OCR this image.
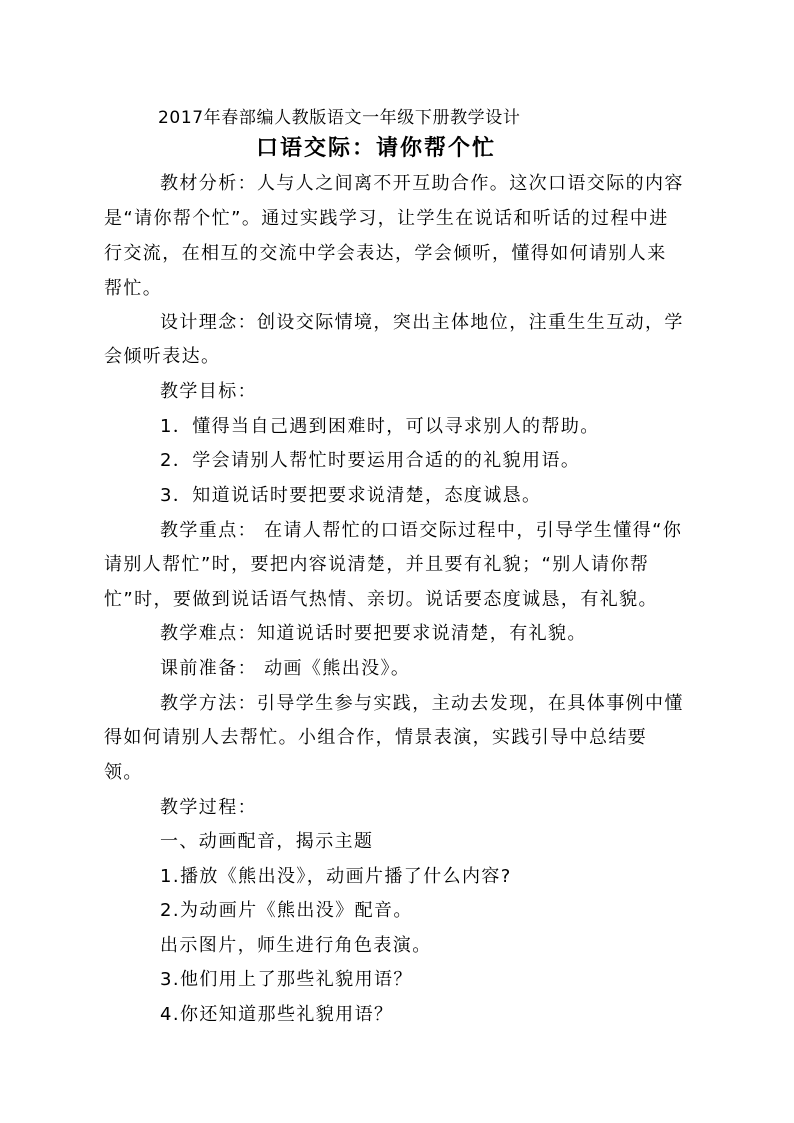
2017年春部编人教版语文一年级下册教学设计
口语交际：请你帮个忙
教材分析：人与人之间离不开互助合作。这次口语交际的内容
是“请你帮个忙”。通过实践学习，让学生在说话和听话的过程中进
行交流，在相互的交流中学会表达，学会倾听，懂得如何请别人来
帮忙。
设计理念：创设交际情境，突出主体地位，注重生生互动，学
会倾听表达。
教学目标：
1．懂得当自己遇到困难时，可以寻求别人的帮助。
2．学会请别人帮忙时要运用合适的的礼貌用语。
3．知道说话时要把要求说清楚，态度诚恳。
教学重点： 在请人帮忙的口语交际过程中，引导学生懂得“你
请别人帮忙”时，要把内容说清楚，并且要有礼貌；“别人请你帮
忙”时，要做到说话语气热情、亲切。说话要态度诚恳，有礼貌。
教学难点：知道说话时要把要求说清楚，有礼貌。
课前准备： 动画《熊出没》。
教学方法：引导学生参与实践，主动去发现，在具体事例中懂
得如何请别人去帮忙。小组合作，情景表演，实践引导中总结要
领。
教学过程：
一、动画配音，揭示主题
1.播放《熊出没》，动画片播了什么内容?
2.为动画片《熊出没》配音。
出示图片，师生进行角色表演。
3.他们用上了那些礼貌用语？
4.你还知道那些礼貌用语？
